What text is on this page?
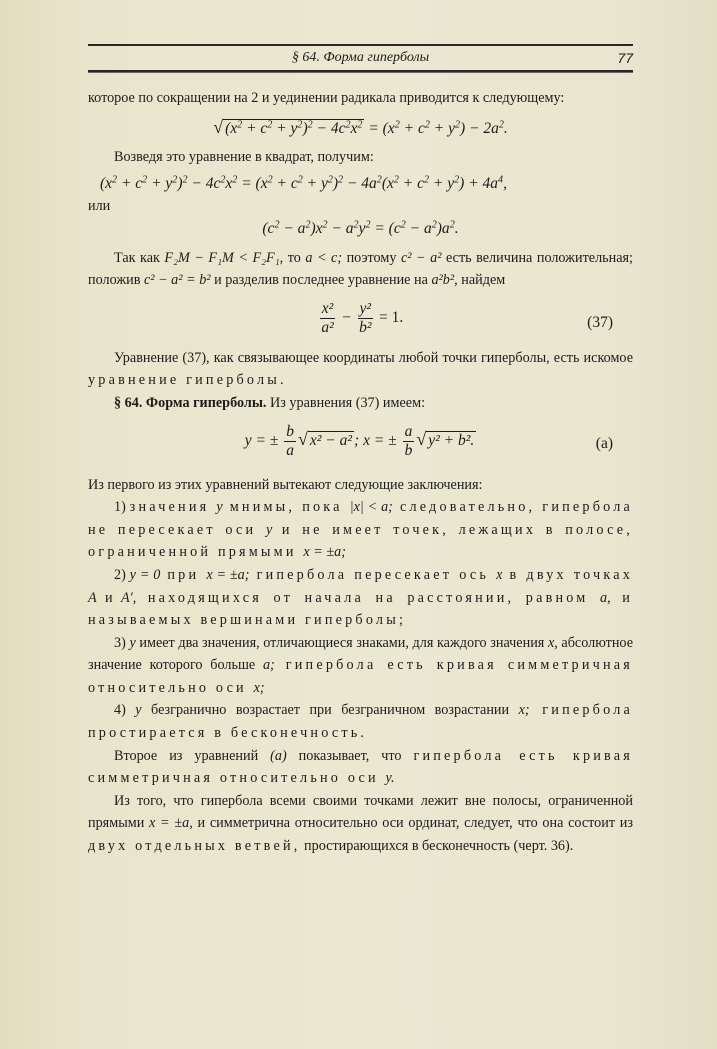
§ 64. Форма гиперболы	77

которое по сокращении на 2 и уединении радикала приводится к следующему:

√ $(x^2 + c^2 + y^2)^2 - 4c^2x^2 = (x^2 + c^2 + y^2) - 2a^2$.

Возведя это уравнение в квадрат, получим:

$(x^2 + c^2 + y^2)^2 - 4c^2x^2 = (x^2 + c^2 + y^2)^2 - 4a^2(x^2 + c^2 + y^2) + 4a^4$,

или

$(c^2 - a^2)x^2 - a^2y^2 = (c^2 - a^2)a^2$.

Так как F₂M − F₁M < F₂F₁, то a < c; поэтому c² − a² есть величина положительная; положив c² − a² = b² и разделив последнее уравнение на a²b², найдем

$\frac{\text{x²}}{\text{a²}} - \frac{\text{y²}}{\text{b²}} = 1$.	(37)

Уравнение (37), как связывающее координаты любой точки гиперболы, есть искомое уравнение гиперболы.

§ 64. Форма гиперболы. Из уравнения (37) имеем:

y = ± $\frac{b}{a}$ √ x² − a² ; x = ± $\frac{a}{b}$ √ y² + b².	(a)

Из первого из этих уравнений вытекают следующие заключения:

1) значения y мнимы, пока |x| < a; следовательно, гипербола не пересекает оси y и не имеет точек, лежащих в полосе, ограниченной прямыми x = ±a;

2) y = 0 при x = ±a; гипербола пересекает ось x в двух точках A и A′, находящихся от начала на расстоянии, равном a, и называемых вершинами гиперболы;

3) y имеет два значения, отличающиеся знаками, для каждого значения x, абсолютное значение которого больше a; гипербола есть кривая симметричная относительно оси x;

4) y безгранично возрастает при безграничном возрастании x; гипербола простирается в бесконечность.

Второе из уравнений (a) показывает, что гипербола есть кривая симметричная относительно оси y.

Из того, что гипербола всеми своими точками лежит вне полосы, ограниченной прямыми x = ±a, и симметрична относительно оси ординат, следует, что она состоит из двух отдельных ветвей, простирающихся в бесконечность (черт. 36).
